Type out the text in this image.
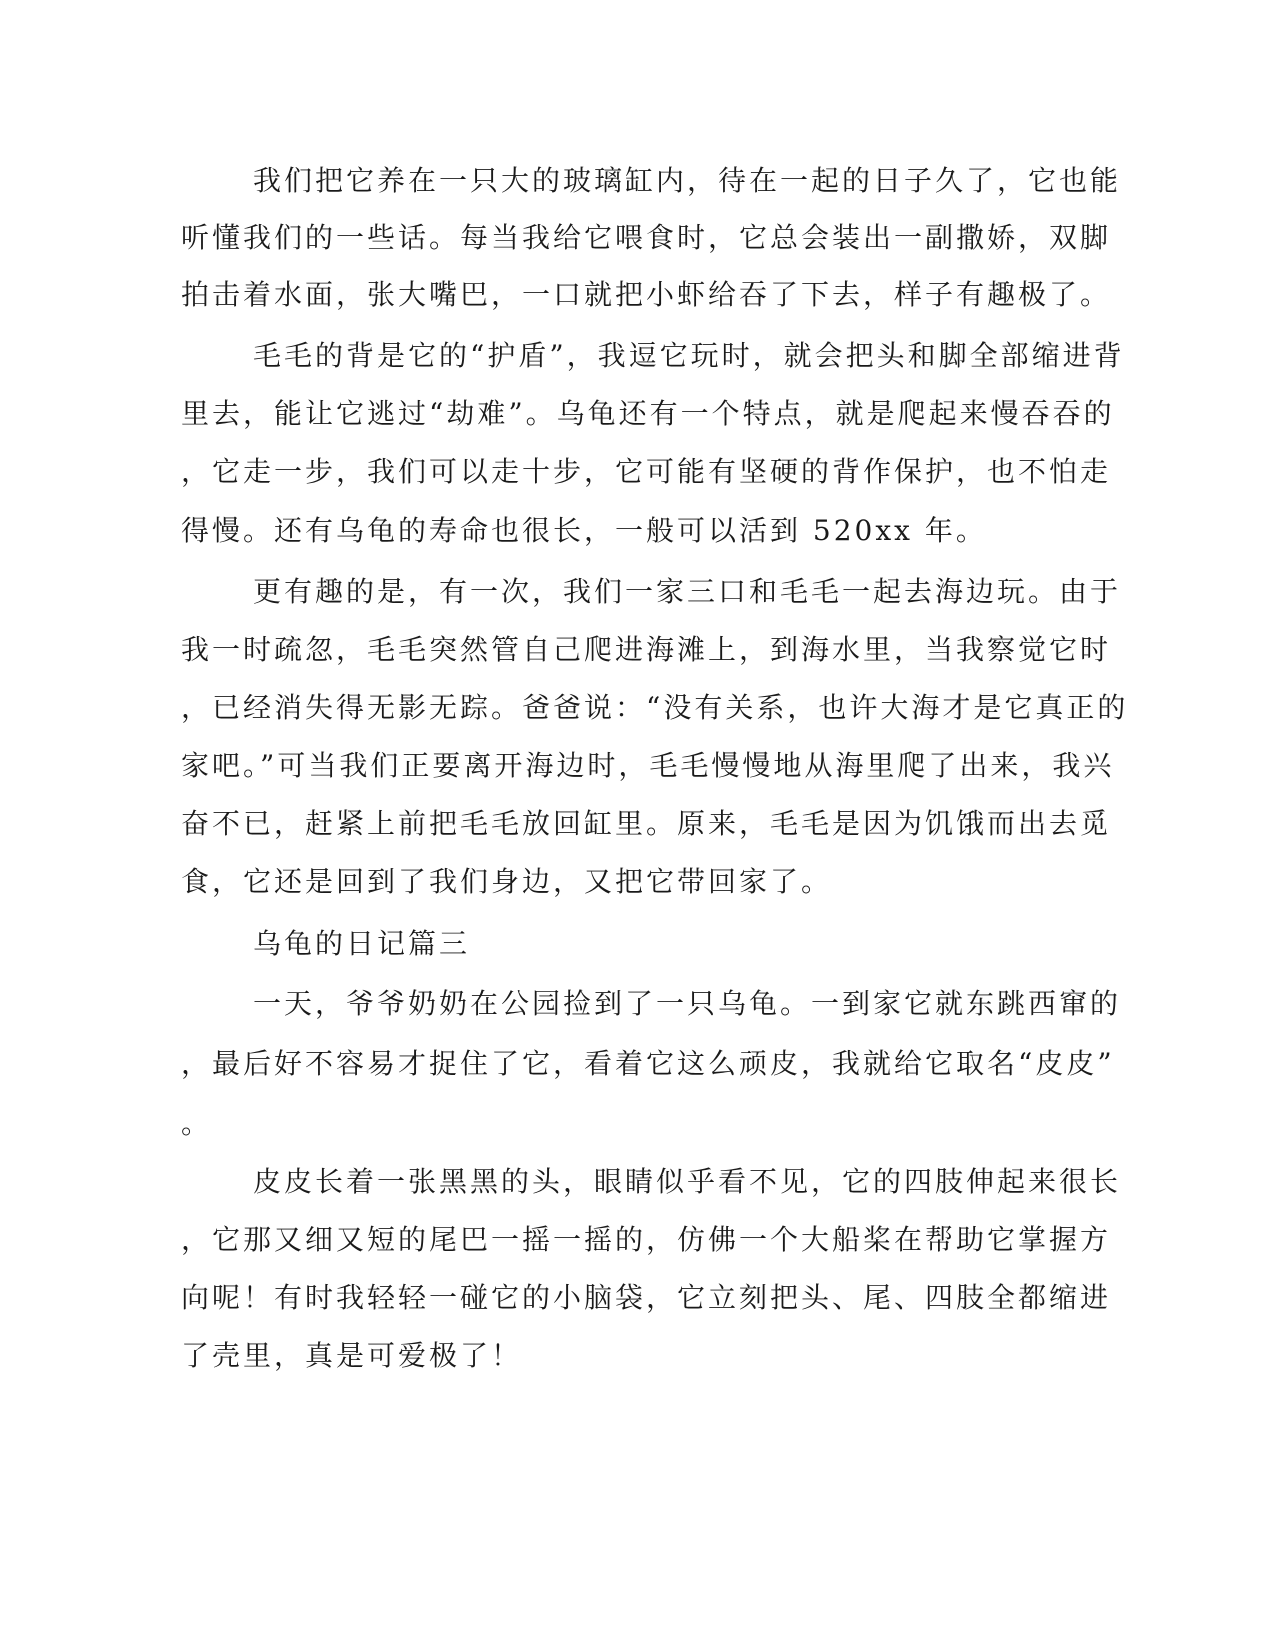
我们把它养在一只大的玻璃缸内，待在一起的日子久了，它也能
听懂我们的一些话。每当我给它喂食时，它总会装出一副撒娇，双脚
拍击着水面，张大嘴巴，一口就把小虾给吞了下去，样子有趣极了。
毛毛的背是它的“护盾”，我逗它玩时，就会把头和脚全部缩进背
里去，能让它逃过“劫难”。乌龟还有一个特点，就是爬起来慢吞吞的
，它走一步，我们可以走十步，它可能有坚硬的背作保护，也不怕走
得慢。还有乌龟的寿命也很长，一般可以活到 520xx 年。
更有趣的是，有一次，我们一家三口和毛毛一起去海边玩。由于
我一时疏忽，毛毛突然管自己爬进海滩上，到海水里，当我察觉它时
，已经消失得无影无踪。爸爸说：“没有关系，也许大海才是它真正的
家吧。”可当我们正要离开海边时，毛毛慢慢地从海里爬了出来，我兴
奋不已，赶紧上前把毛毛放回缸里。原来，毛毛是因为饥饿而出去觅
食，它还是回到了我们身边，又把它带回家了。
乌龟的日记篇三
一天，爷爷奶奶在公园捡到了一只乌龟。一到家它就东跳西窜的
，最后好不容易才捉住了它，看着它这么顽皮，我就给它取名“皮皮”
。
皮皮长着一张黑黑的头，眼睛似乎看不见，它的四肢伸起来很长
，它那又细又短的尾巴一摇一摇的，仿佛一个大船桨在帮助它掌握方
向呢！有时我轻轻一碰它的小脑袋，它立刻把头、尾、四肢全都缩进
了壳里，真是可爱极了！
